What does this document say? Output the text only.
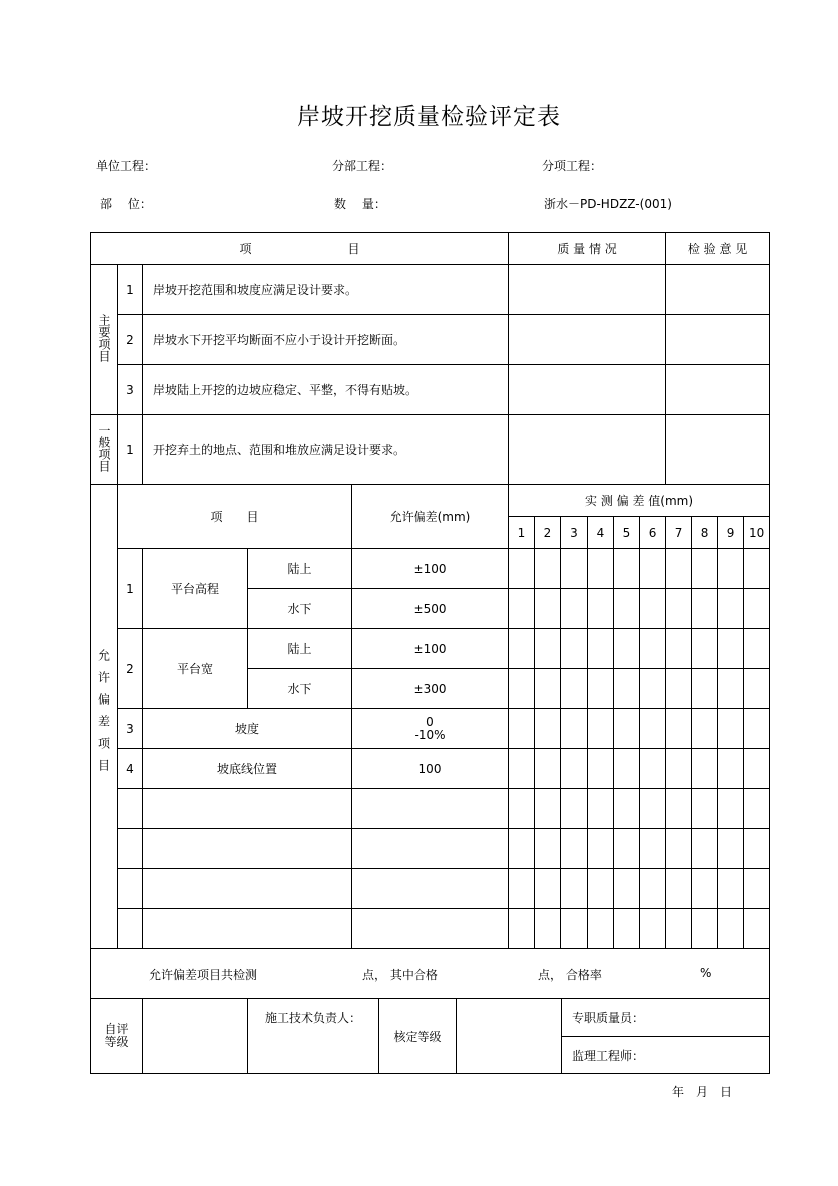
岸坡开挖质量检验评定表
单位工程：	分部工程：	分项工程：
部　 位：	数　 量：	浙水－PD-HDZZ-(001)
项　　　　　　　　目					质 量 情 况						检 验 意 见			
主要项目	1	岸坡开挖范围和坡度应满足设计要求。												
	2	岸坡水下开挖平均断面不应小于设计开挖断面。												
	3	岸坡陆上开挖的边坡应稳定、平整，不得有贴坡。												
一般项目	1	开挖弃土的地点、范围和堆放应满足设计要求。												
允许偏差项目	项　　目			允许偏差(mm)	实 测 偏 差 值(mm)									
					1	2	3	4	5	6	7	8	9	10
	1	平台高程	陆上	±100										
			水下	±500										
	2	平台宽	陆上	±100										
			水下	±300										
	3	坡度		0
-10%										
	4	坡底线位置		100										

允许偏差项目共检测	点， 其中合格	点， 合格率	%

自评等级
		施工技术负责人：	核定等级		专职质量员：
监理工程师：
年　月　日
